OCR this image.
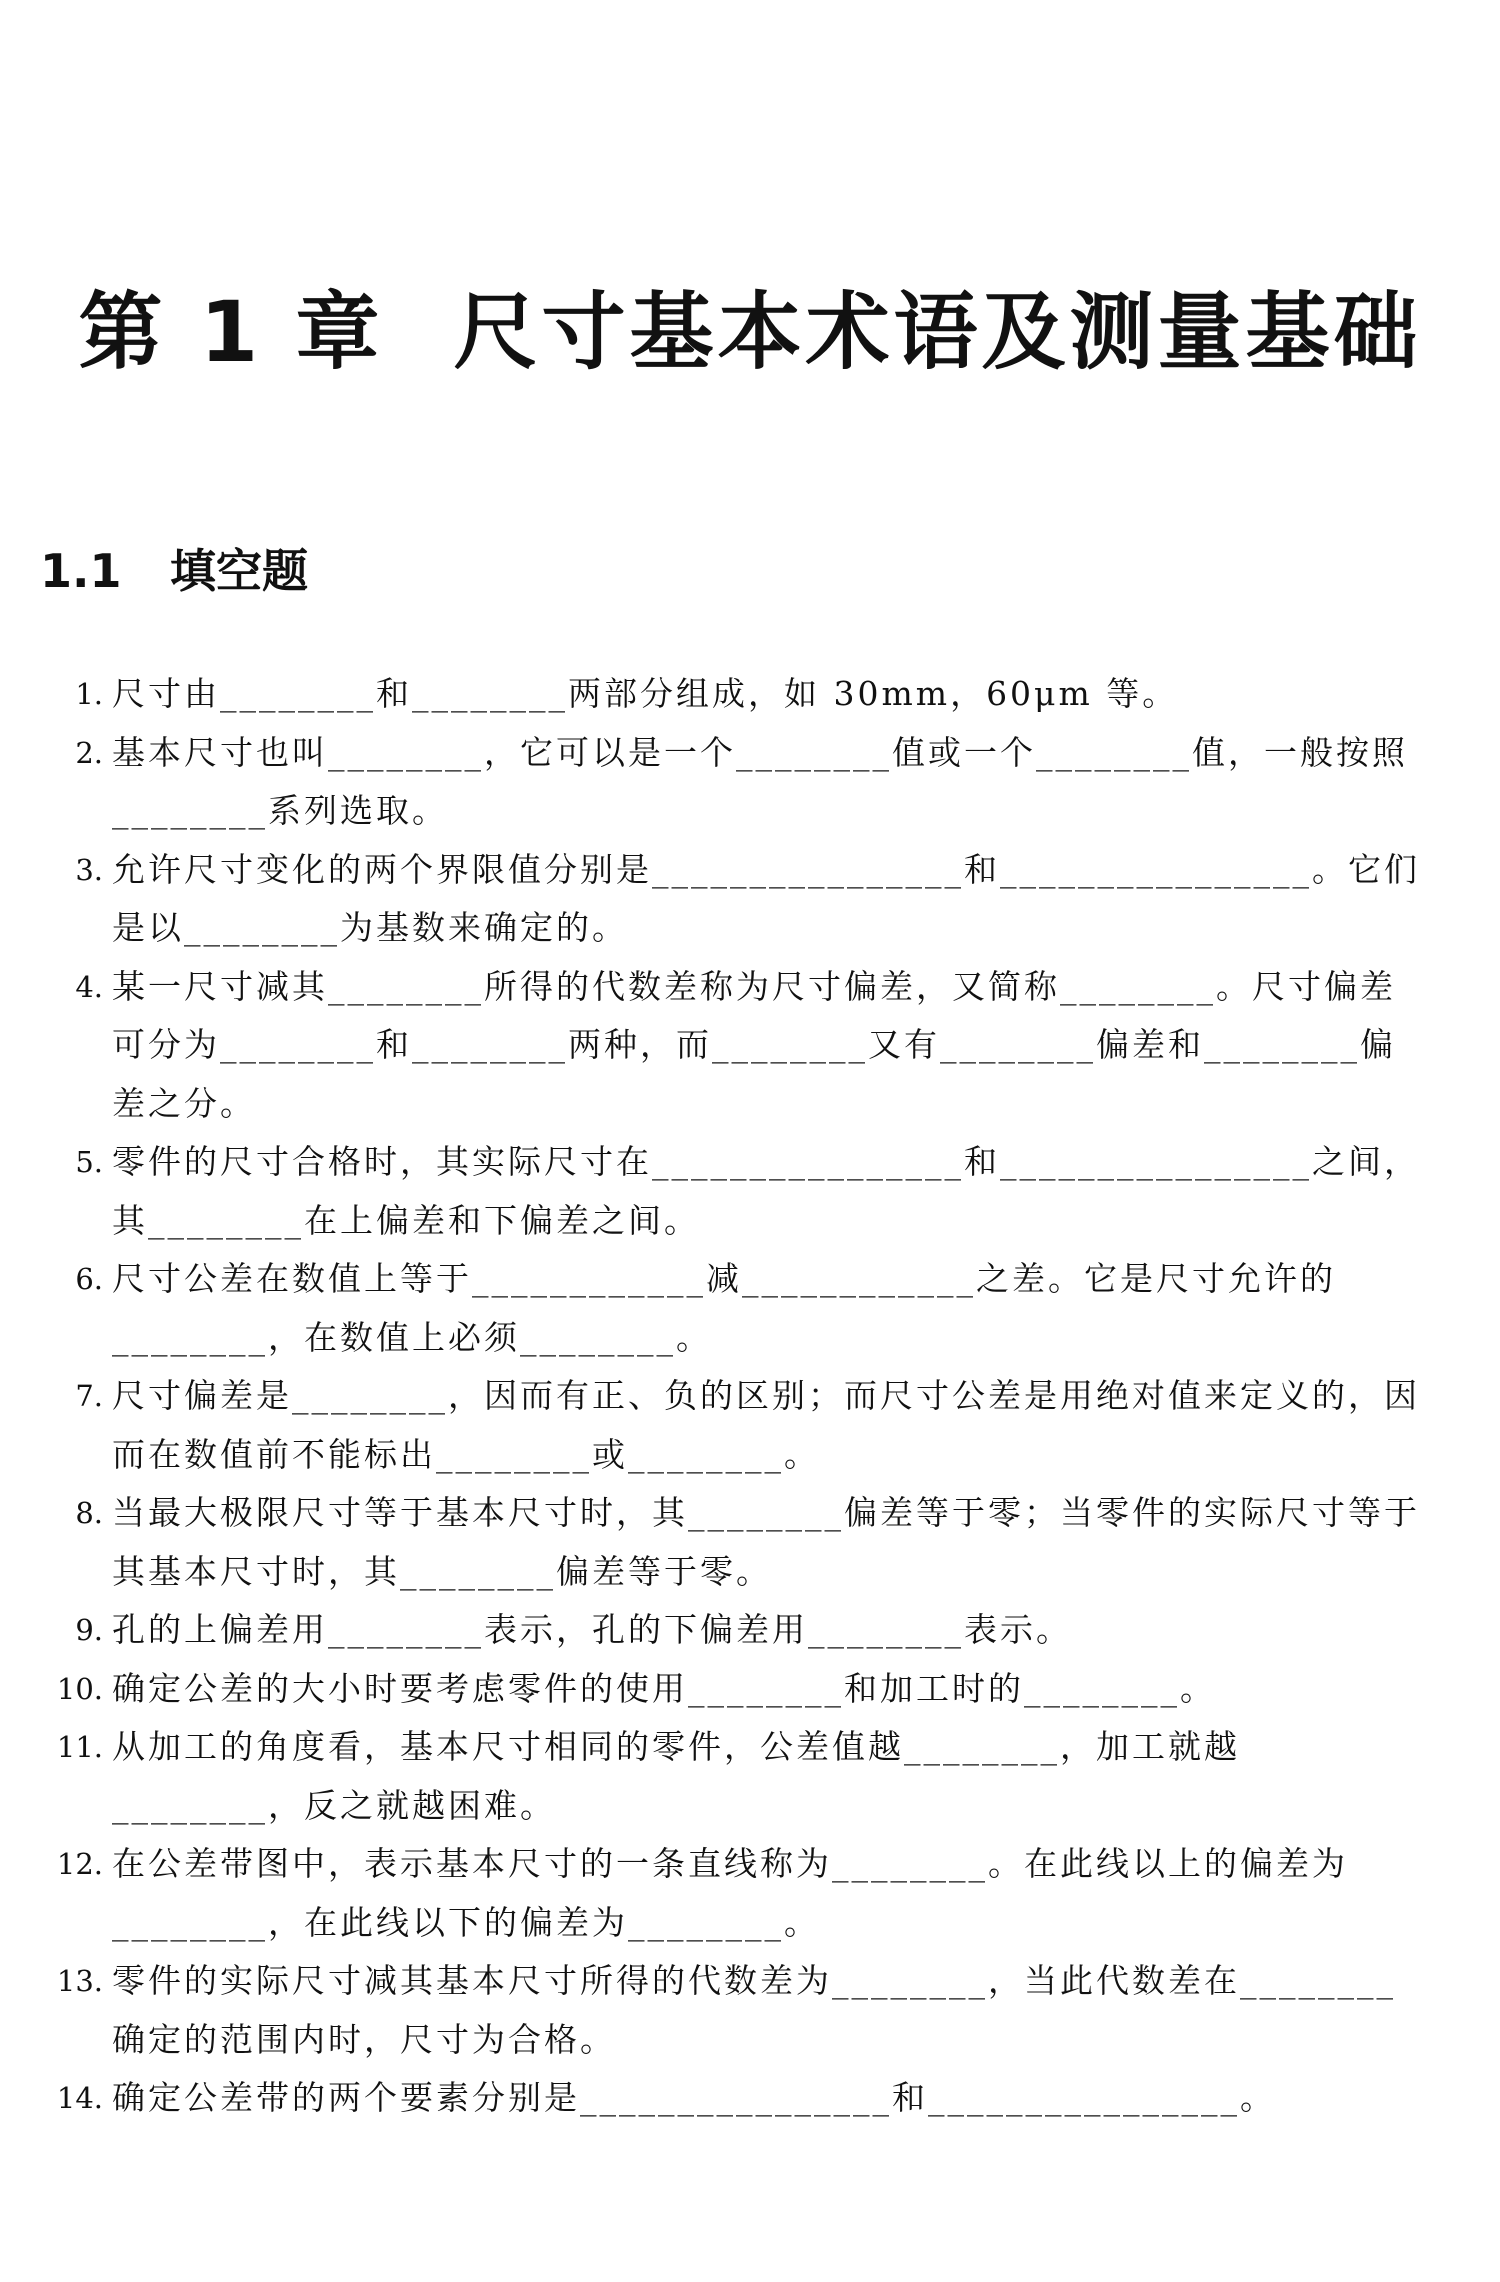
第 1 章 尺寸基本术语及测量基础
1.1 填空题
1. 尺寸由________和________两部分组成，如 30mm，60μm 等。
2. 基本尺寸也叫________，它可以是一个________值或一个________值，一般按照________系列选取。
3. 允许尺寸变化的两个界限值分别是________________和________________。它们是以________为基数来确定的。
4. 某一尺寸减其________所得的代数差称为尺寸偏差，又简称________。尺寸偏差可分为________和________两种，而________又有________偏差和________偏差之分。
5. 零件的尺寸合格时，其实际尺寸在________________和________________之间，其________在上偏差和下偏差之间。
6. 尺寸公差在数值上等于____________减____________之差。它是尺寸允许的________，在数值上必须________。
7. 尺寸偏差是________，因而有正、负的区别；而尺寸公差是用绝对值来定义的，因而在数值前不能标出________或________。
8. 当最大极限尺寸等于基本尺寸时，其________偏差等于零；当零件的实际尺寸等于其基本尺寸时，其________偏差等于零。
9. 孔的上偏差用________表示，孔的下偏差用________表示。
10. 确定公差的大小时要考虑零件的使用________和加工时的________。
11. 从加工的角度看，基本尺寸相同的零件，公差值越________，加工就越________，反之就越困难。
12. 在公差带图中，表示基本尺寸的一条直线称为________。在此线以上的偏差为________，在此线以下的偏差为________。
13. 零件的实际尺寸减其基本尺寸所得的代数差为________，当此代数差在________确定的范围内时，尺寸为合格。
14. 确定公差带的两个要素分别是________________和________________。
